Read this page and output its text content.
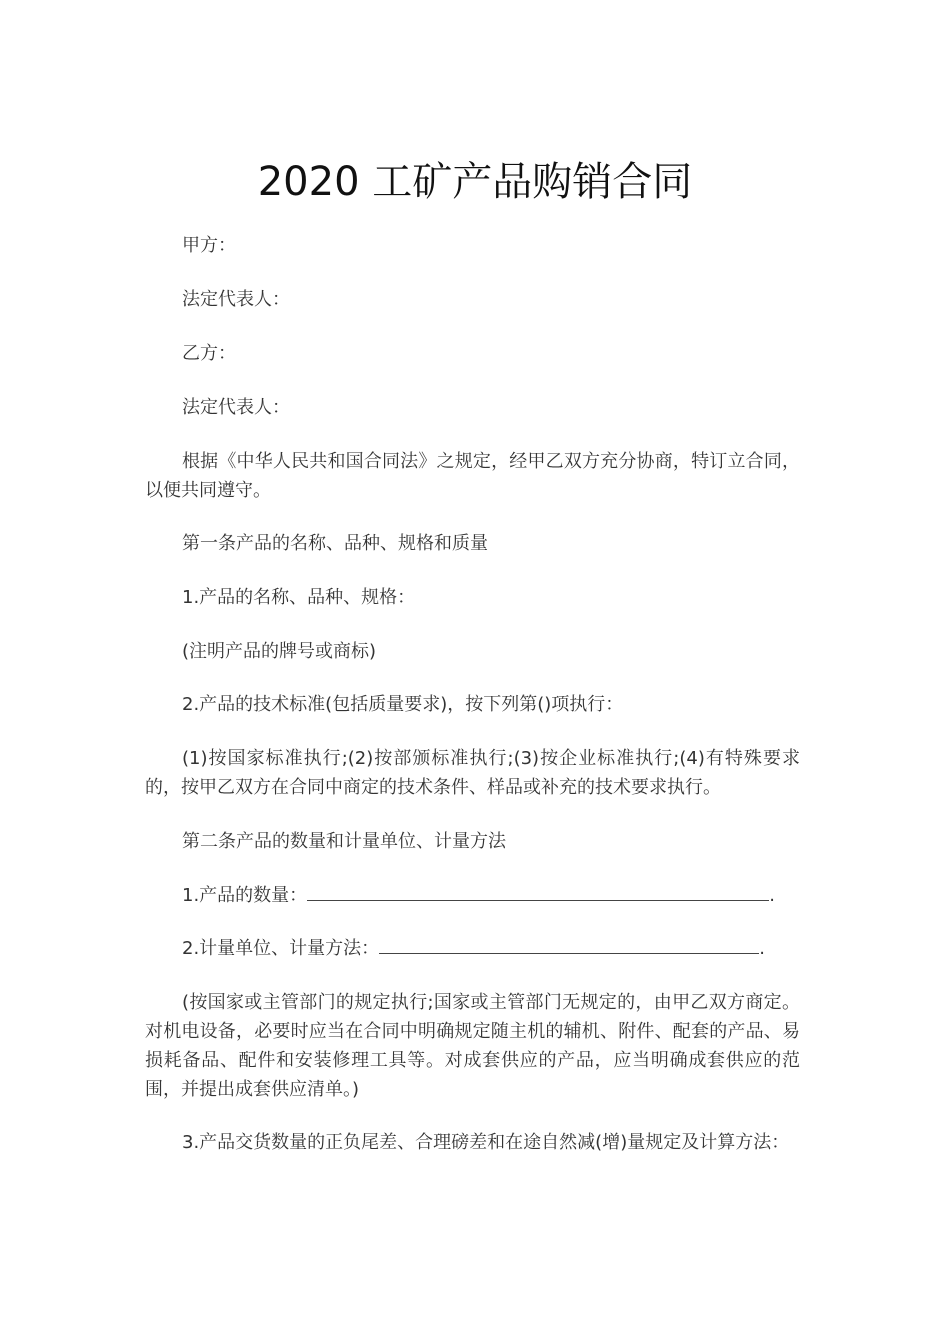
2020 工矿产品购销合同

甲方：

法定代表人：

乙方：

法定代表人：

根据《中华人民共和国合同法》之规定，经甲乙双方充分协商，特订立合同，以便共同遵守。

第一条产品的名称、品种、规格和质量

1.产品的名称、品种、规格：

(注明产品的牌号或商标)

2.产品的技术标准(包括质量要求)，按下列第()项执行：

(1)按国家标准执行;(2)按部颁标准执行;(3)按企业标准执行;(4)有特殊要求的，按甲乙双方在合同中商定的技术条件、样品或补充的技术要求执行。

第二条产品的数量和计量单位、计量方法

1.产品的数量：	.

2.计量单位、计量方法：	.

(按国家或主管部门的规定执行;国家或主管部门无规定的，由甲乙双方商定。对机电设备，必要时应当在合同中明确规定随主机的辅机、附件、配套的产品、易损耗备品、配件和安装修理工具等。对成套供应的产品，应当明确成套供应的范围，并提出成套供应清单。)

3.产品交货数量的正负尾差、合理磅差和在途自然减(增)量规定及计算方法：
